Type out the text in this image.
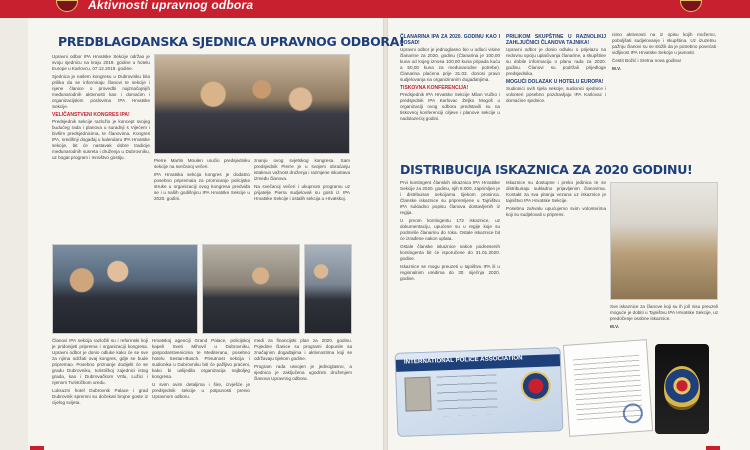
Aktivnosti upravnog odbora
PREDBLAGDANSKA SJEDNICA UPRAVNOG ODBORA!

Upravni odbor IPA Hrvatske Sekcije održao je svoju sjednicu na kraju 2019. godine u hotelu Europe u Karlovcu, 07.12.2019. godine.

Sjednica je našem kongresu u Dubrovniku bila prilika da se informiraju članovi te sekcije i njene članice o provedbi najznačajnijih međunarodnih aktivnosti kao i domaćim i organizacijskim poslovima IPA Hrvatske Sekcije.

VELIČANSTVENI KONGRES IPA!

Predsjednik sekcije razložio je koncept svojeg budućeg rada i planova u suradnji s Vijećem i bivšim predsjednicima, te članovima. Kongres IPA, središnji događaj u kalendaru IPA Hrvatske sekcije, bit će nastavak dobre tradicije međunarodnih susreta i druženja u Dubrovniku, uz bogat program i mnoštvo gostiju.

Pierre Martin Moulen uručio predsjedniku sekcije na svečanoj večeri.

IPA Hrvatska sekcija kongres je dodatno posebno pripremala za promicanje policijske struke u organizaciji ovog kongresa predviđa se i u naših godišnjicu IPA Hrvatske Sekcije u 2020. godini.

znanju ovog svjetskog kongresa. Sam predsjednik Pierre je u svojem obraćanju istaknuo važnost druženja i razmjene iskustava između članova.

Na svečanoj večeri i ukupnom programu uz prijatelje Pierra sudjelovali su gosti iz IPA Hrvatske Sekcije i ostalih sekcija u Hrvatskoj.

Članovi IPA sekcija razložili su i reformski koji je pridonijeti priprema i organizaciji kongresa. Upravni odbor je donio odluke kako će se sve za njima održati ovaj kongres, gdje se bude pripremao. Posebno priznanje dodijelit će se gradu Dubrovniku, turističkoj zajednici istog grada, kao i Dubrovačkom Vrtlu, Lužici i njenom Turističkom uredu.

Luksuzni hotel Dubrovnik Palace i grad Dubrovnik spremni su dočekati brojne goste iz cijelog svijeta.

Hrvatskoj agenciji Grand Palace, policijskoj kapeli Sveti Mihovil u Dubrovniku, gospodarstvenicima te Mediteranu, posebno hotelu Sestan-Busch. Prisutnost sekcija i sudionika u Dubrovniku biti će pažljivo praćeni, kako bi uslijedila organizacija najboljeg kongresa.

U svim ovim detaljima i šire, izvješće je predsjednik sekcije u potpunosti prenio Upravnom odboru.

medi za financijski plan za 2020. godinu. Pojedine članice su programi dopunile sa značajnim događajima i aktivnostima koji se održavaju tijekom godine.

Program rada usvojen je jednoglasno, a sjednica je zaključena ugodnim druženjem članova Upravnog odbora.

ČLANARINA IPA ZA 2020. GODINU KAO I DOSAD!

Upravni odbor je jednoglasno bio u odluci visine članarine za 2020. godinu (Članarina je 100,00 kuna od kojeg iznosa 100,00 kuna pripada kuću a 50,00 kuna za međunarodne potrebe). Članarina plaćena prije 31.03. donosi pravo sudjelovanja na organiziranim događanjima.

TISKOVNA KONFERENCIJA!

Predsjednik IPA Hrvatske Sekcije Milan Vučko i predsjednik IPA Karlovac Željko Mogoš u organizaciji ovog odbora predstavili su na tiskovnoj konferenciji ciljeve i planove sekcije u nadolazećoj godini.

PRILIKOM SKUPŠTINE U RAZNOLIKIJ ZAHLJUČNICI ČLANOVA TAJNIKA!

Upravni odbor je donio odluku o prijelazu na redovnu opciju uplaćivanja članarine, a skupštine su dobile informaciju o planu rada za 2020. godinu. Članovi su podržali prijedloge predsjednika.

MOGUĆI DOLAZAK U HOTELU EUROPA!

Sudionici ovih tijela sekcije, sudionici sjednice i volonteri posebno pozdravljaju IPA Karlovac i domaćine sjednice.

nimo aktivnosti na iz opisu kojih možemo, poboljšati sudjelovanje i skupština. Uz izuzetnu pažnju članovi su se složili da je potrebno povećati vidljivost IPA Hrvatske Sekcije u javnosti.

Čestit Božić i Sretna nova godina!

M.V.
DISTRIBUCIJA ISKAZNICA ZA 2020 GODINU!

Prvi kontingent članskih iskaznica IPA Hrvatske Sekcije za 2020. godinu, njih 8.000, zaprimljen je i distribuiran sekcijama tijekom prosinca. Članske iskaznice su pripremljene u Tajništvu IPA sukladno popisu članova dostavljenih iz regija.

U prvom kontingentu 172 iskaznice, uz dokumentaciju, upućene su u regije koje su podmirile članarinu do roka. Ostale iskaznice bit će izrađene nakon uplata.

Ostale članske iskaznice nakon podnesenih kontingenta bit će isporučene do 31.01.2020. godine.

Iskaznice se mogu preuzeti u tajništvu IPA ili u regionalnim uredima do 30. siječnja 2020. godine.

Iskaznice su dostupne i preko jedinica te se distribuiraju sukladno prijavljenim članovima. Kontakt za sva pitanja vezana uz iskaznice je tajništvo IPA Hrvatske Sekcije.

Posebnu zahvalu upućujemo svim volonterima koji su sudjelovali u pripremi.

Sve iskaznice za članove koji su ih još nisu preuzeli moguće je dobiti u Tajništvu IPA Hrvatske Sekcije, uz predočenje osobne iskaznice.

M.V.
INTERNATIONAL POLICE ASSOCIATION
